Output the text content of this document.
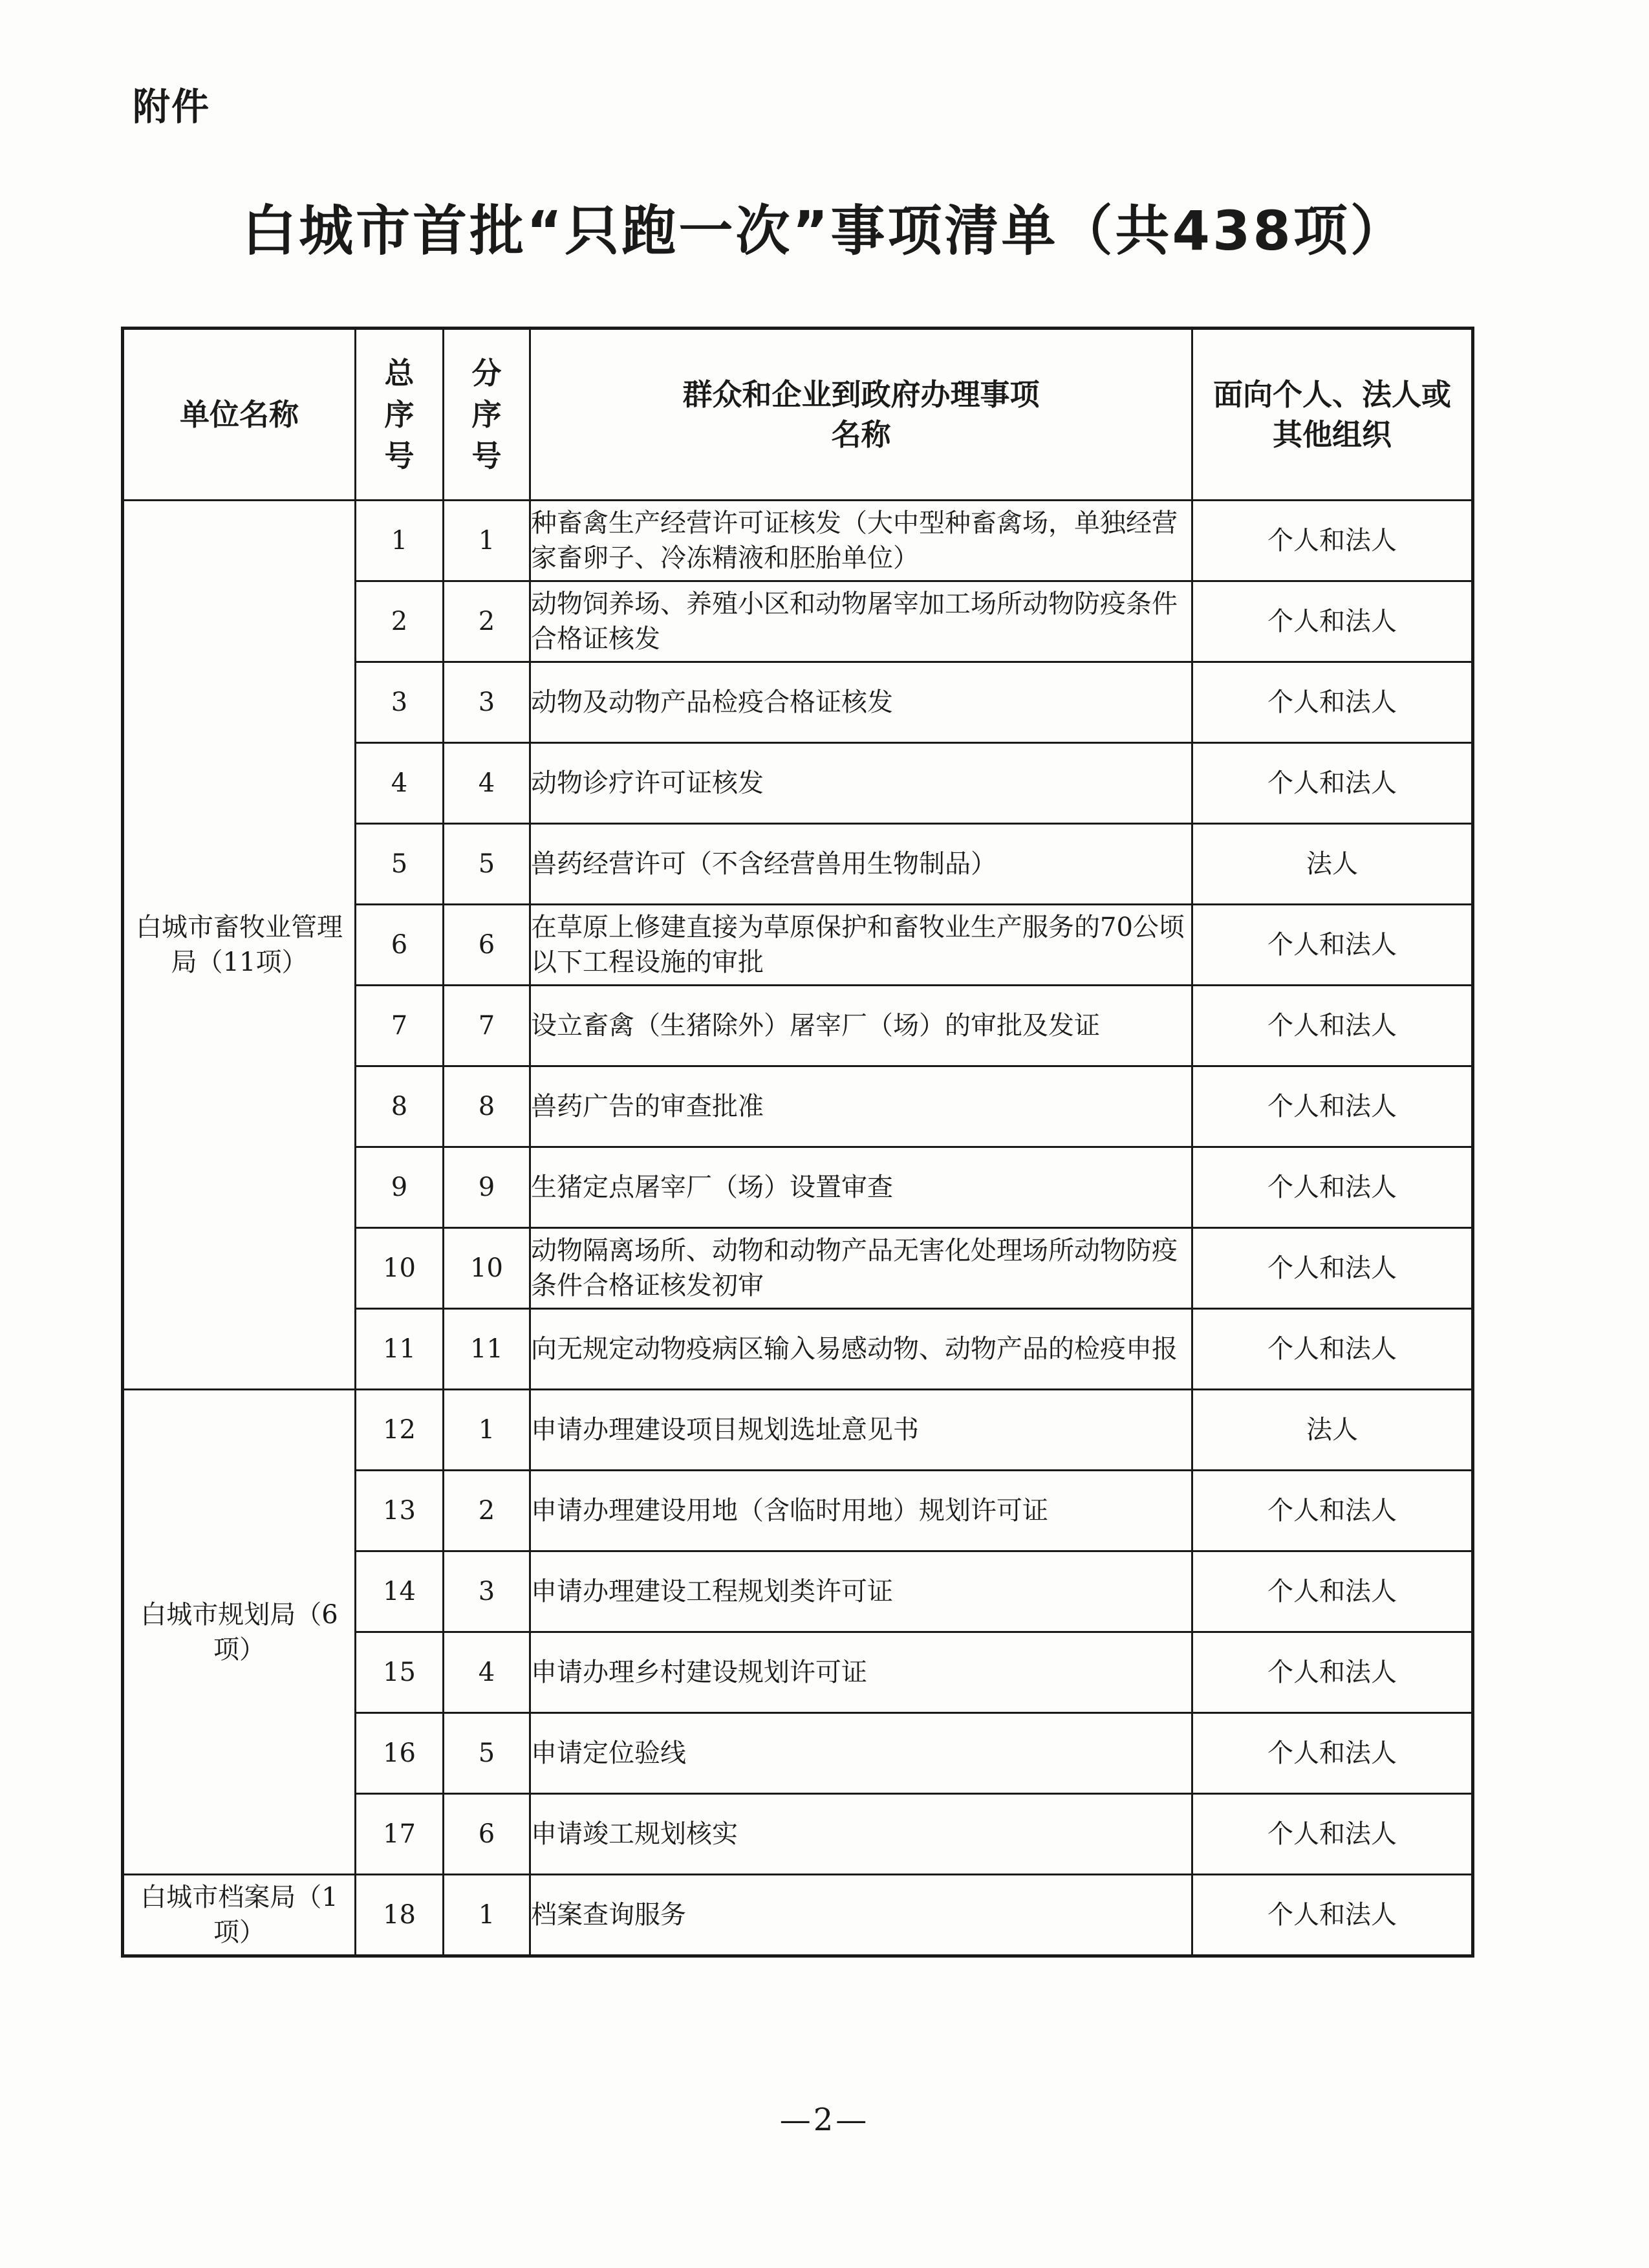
附件
白城市首批“只跑一次”事项清单（共438项）
单位名称	总序号	分序号	群众和企业到政府办理事项名称	面向个人、法人或其他组织
白城市畜牧业管理局（11项）	1	1	种畜禽生产经营许可证核发（大中型种畜禽场，单独经营家畜卵子、冷冻精液和胚胎单位）	个人和法人
	2	2	动物饲养场、养殖小区和动物屠宰加工场所动物防疫条件合格证核发	个人和法人
	3	3	动物及动物产品检疫合格证核发	个人和法人
	4	4	动物诊疗许可证核发	个人和法人
	5	5	兽药经营许可（不含经营兽用生物制品）	法人
	6	6	在草原上修建直接为草原保护和畜牧业生产服务的70公顷以下工程设施的审批	个人和法人
	7	7	设立畜禽（生猪除外）屠宰厂（场）的审批及发证	个人和法人
	8	8	兽药广告的审查批准	个人和法人
	9	9	生猪定点屠宰厂（场）设置审查	个人和法人
	10	10	动物隔离场所、动物和动物产品无害化处理场所动物防疫条件合格证核发初审	个人和法人
	11	11	向无规定动物疫病区输入易感动物、动物产品的检疫申报	个人和法人
白城市规划局（6项）	12	1	申请办理建设项目规划选址意见书	法人
	13	2	申请办理建设用地（含临时用地）规划许可证	个人和法人
	14	3	申请办理建设工程规划类许可证	个人和法人
	15	4	申请办理乡村建设规划许可证	个人和法人
	16	5	申请定位验线	个人和法人
	17	6	申请竣工规划核实	个人和法人
白城市档案局（1项）	18	1	档案查询服务	个人和法人
—2—
